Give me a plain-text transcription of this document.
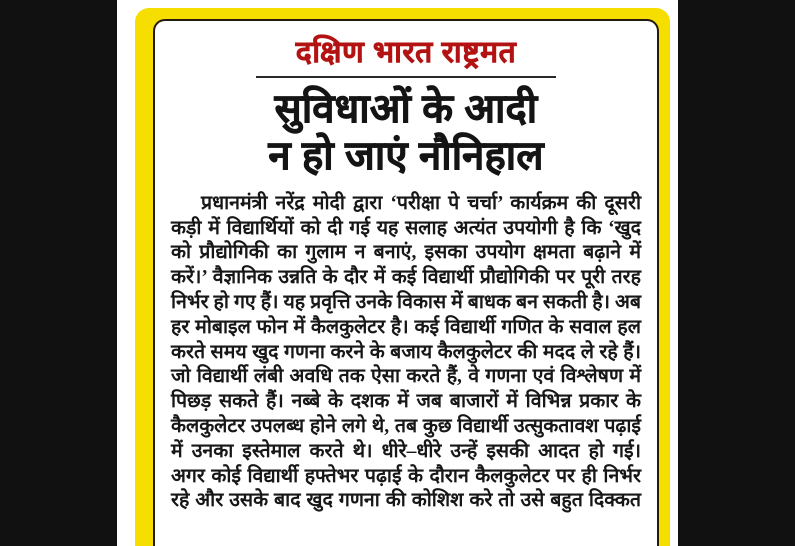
दक्षिण भारत राष्ट्रमत
सुविधाओं के आदी
न हो जाएं नौनिहाल
प्रधानमंत्री नरेंद्र मोदी द्वारा ‘परीक्षा पे चर्चा’ कार्यक्रम की दूसरी
कड़ी में विद्यार्थियों को दी गई यह सलाह अत्यंत उपयोगी है कि ‘खुद
को प्रौद्योगिकी का गुलाम न बनाएं, इसका उपयोग क्षमता बढ़ाने में
करें।’ वैज्ञानिक उन्नति के दौर में कई विद्यार्थी प्रौद्योगिकी पर पूरी तरह
निर्भर हो गए हैं। यह प्रवृत्ति उनके विकास में बाधक बन सकती है। अब
हर मोबाइल फोन में कैलकुलेटर है। कई विद्यार्थी गणित के सवाल हल
करते समय खुद गणना करने के बजाय कैलकुलेटर की मदद ले रहे हैं।
जो विद्यार्थी लंबी अवधि तक ऐसा करते हैं, वे गणना एवं विश्लेषण में
पिछड़ सकते हैं। नब्बे के दशक में जब बाजारों में विभिन्न प्रकार के
कैलकुलेटर उपलब्ध होने लगे थे, तब कुछ विद्यार्थी उत्सुकतावश पढ़ाई
में उनका इस्तेमाल करते थे। धीरे–धीरे उन्हें इसकी आदत हो गई।
अगर कोई विद्यार्थी हफ्तेभर पढ़ाई के दौरान कैलकुलेटर पर ही निर्भर
रहे और उसके बाद खुद गणना की कोशिश करे तो उसे बहुत दिक्कत
